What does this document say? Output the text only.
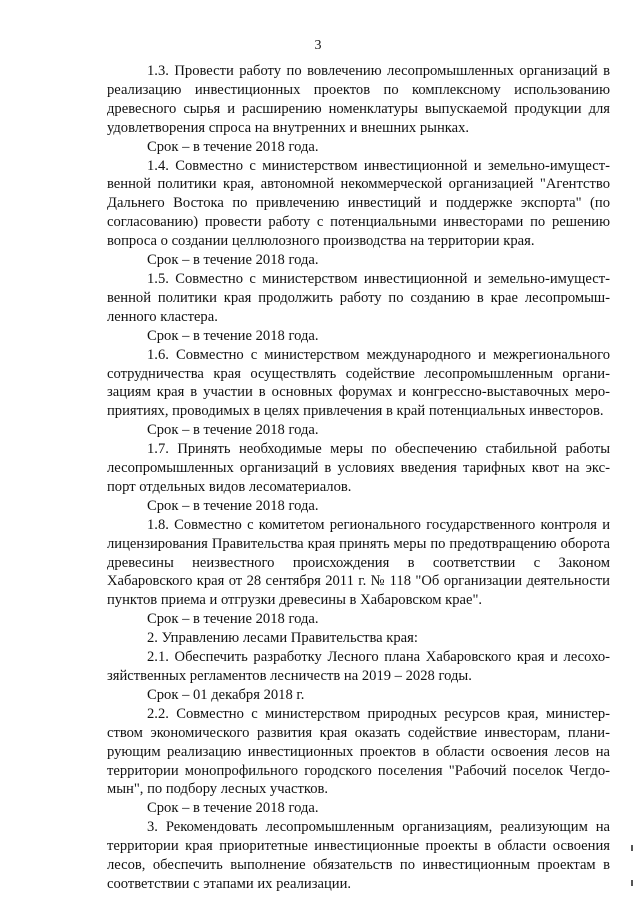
3

1.3. Провести работу по вовлечению лесопромышленных организаций в реализацию инвестиционных проектов по комплексному использованию древесного сырья и расширению номенклатуры выпускаемой продукции для удовлетворения спроса на внутренних и внешних рынках.

Срок – в течение 2018 года.

1.4. Совместно с министерством инвестиционной и земельно-имущественной политики края, автономной некоммерческой организацией "Агентство Дальнего Востока по привлечению инвестиций и поддержке экспорта" (по согласованию) провести работу с потенциальными инвесторами по решению вопроса о создании целлюлозного производства на территории края.

Срок – в течение 2018 года.

1.5. Совместно с министерством инвестиционной и земельно-имущественной политики края продолжить работу по созданию в крае лесопромышленного кластера.

Срок – в течение 2018 года.

1.6. Совместно с министерством международного и межрегионального сотрудничества края осуществлять содействие лесопромышленным организациям края в участии в основных форумах и конгрессно-выставочных мероприятиях, проводимых в целях привлечения в край потенциальных инвесторов.

Срок – в течение 2018 года.

1.7. Принять необходимые меры по обеспечению стабильной работы лесопромышленных организаций в условиях введения тарифных квот на экспорт отдельных видов лесоматериалов.

Срок – в течение 2018 года.

1.8. Совместно с комитетом регионального государственного контроля и лицензирования Правительства края принять меры по предотвращению оборота древесины неизвестного происхождения в соответствии с Законом Хабаровского края от 28 сентября 2011 г. № 118 "Об организации деятельности пунктов приема и отгрузки древесины в Хабаровском крае".

Срок – в течение 2018 года.

2. Управлению лесами Правительства края:

2.1. Обеспечить разработку Лесного плана Хабаровского края и лесохозяйственных регламентов лесничеств на 2019 – 2028 годы.

Срок – 01 декабря 2018 г.

2.2. Совместно с министерством природных ресурсов края, министерством экономического развития края оказать содействие инвесторам, планирующим реализацию инвестиционных проектов в области освоения лесов на территории монопрофильного городского поселения "Рабочий поселок Чегдомын", по подбору лесных участков.

Срок – в течение 2018 года.

3. Рекомендовать лесопромышленным организациям, реализующим на территории края приоритетные инвестиционные проекты в области освоения лесов, обеспечить выполнение обязательств по инвестиционным проектам в соответствии с этапами их реализации.
